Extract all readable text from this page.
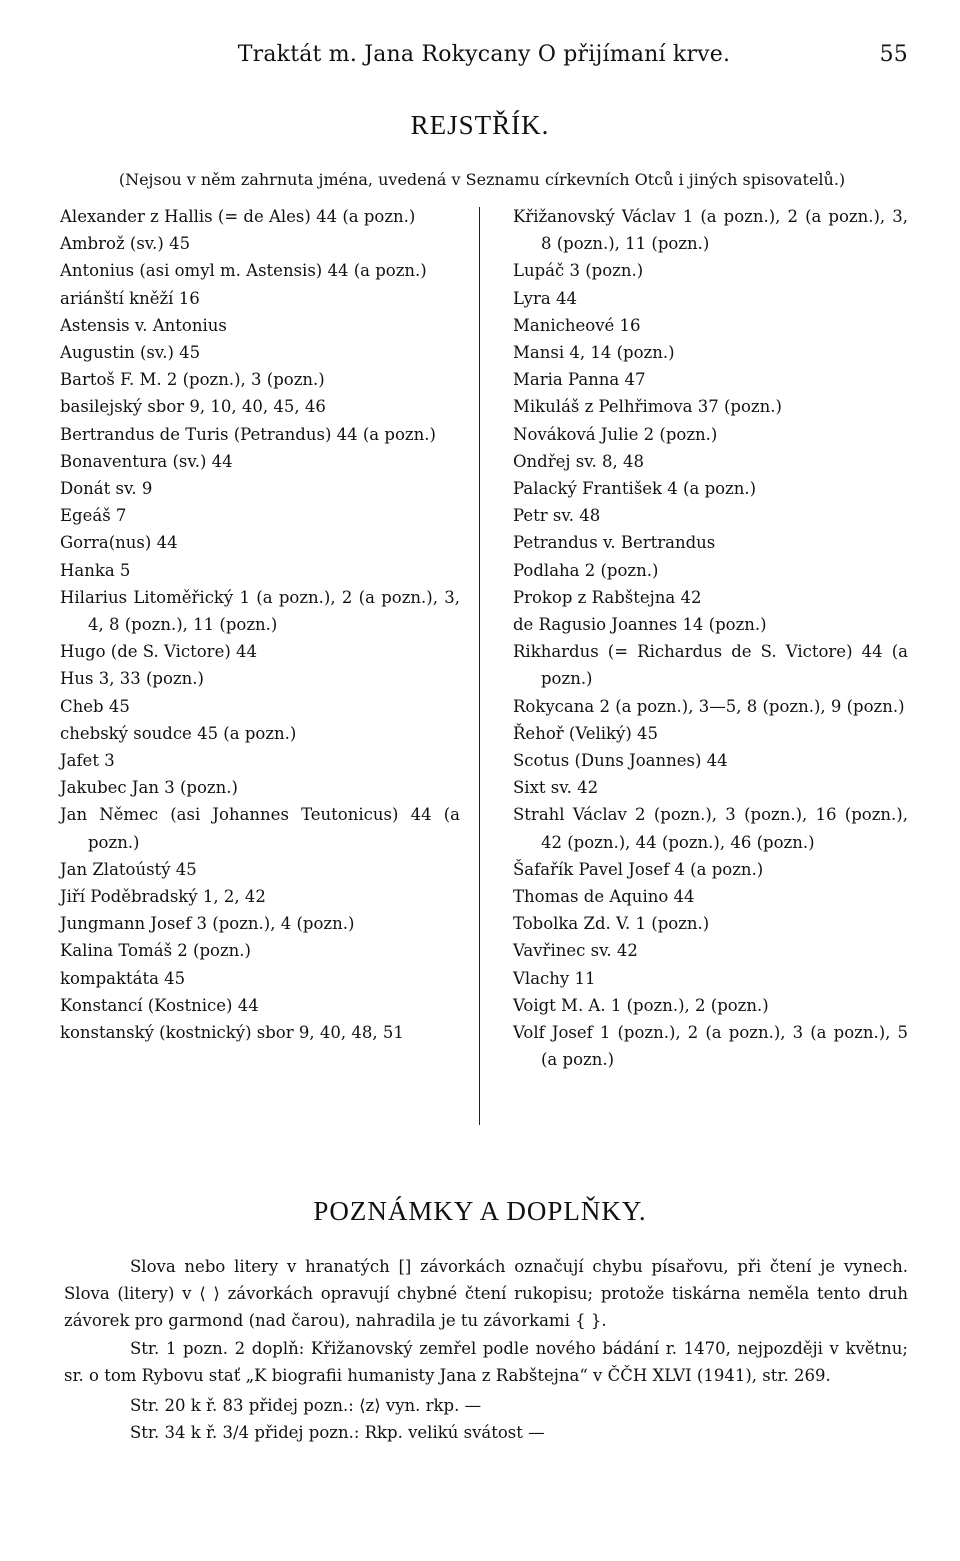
Traktát m. Jana Rokycany O přijímaní krve.	55
REJSTŘÍK.
(Nejsou v něm zahrnuta jména, uvedená v Seznamu církevních Otců i jiných spisovatelů.)
Alexander z Hallis (= de Ales) 44 (a pozn.)
Ambrož (sv.) 45
Antonius (asi omyl m. Astensis) 44 (a pozn.)
ariánští kněží 16
Astensis v. Antonius
Augustin (sv.) 45
Bartoš F. M. 2 (pozn.), 3 (pozn.)
basilejský sbor 9, 10, 40, 45, 46
Bertrandus de Turis (Petrandus) 44 (a pozn.)
Bonaventura (sv.) 44
Donát sv. 9
Egeáš 7
Gorra(nus) 44
Hanka 5
Hilarius Litoměřický 1 (a pozn.), 2 (a pozn.), 3, 4, 8 (pozn.), 11 (pozn.)
Hugo (de S. Victore) 44
Hus 3, 33 (pozn.)
Cheb 45
chebský soudce 45 (a pozn.)
Jafet 3
Jakubec Jan 3 (pozn.)
Jan Němec (asi Johannes Teutonicus) 44 (a pozn.)
Jan Zlatoústý 45
Jiří Poděbradský 1, 2, 42
Jungmann Josef 3 (pozn.), 4 (pozn.)
Kalina Tomáš 2 (pozn.)
kompaktáta 45
Konstancí (Kostnice) 44
konstanský (kostnický) sbor 9, 40, 48, 51
Křižanovský Václav 1 (a pozn.), 2 (a pozn.), 3, 8 (pozn.), 11 (pozn.)
Lupáč 3 (pozn.)
Lyra 44
Manicheové 16
Mansi 4, 14 (pozn.)
Maria Panna 47
Mikuláš z Pelhřimova 37 (pozn.)
Nováková Julie 2 (pozn.)
Ondřej sv. 8, 48
Palacký František 4 (a pozn.)
Petr sv. 48
Petrandus v. Bertrandus
Podlaha 2 (pozn.)
Prokop z Rabštejna 42
de Ragusio Joannes 14 (pozn.)
Rikhardus (= Richardus de S. Victore) 44 (a pozn.)
Rokycana 2 (a pozn.), 3—5, 8 (pozn.), 9 (pozn.)
Řehoř (Veliký) 45
Scotus (Duns Joannes) 44
Sixt sv. 42
Strahl Václav 2 (pozn.), 3 (pozn.), 16 (pozn.), 42 (pozn.), 44 (pozn.), 46 (pozn.)
Šafařík Pavel Josef 4 (a pozn.)
Thomas de Aquino 44
Tobolka Zd. V. 1 (pozn.)
Vavřinec sv. 42
Vlachy 11
Voigt M. A. 1 (pozn.), 2 (pozn.)
Volf Josef 1 (pozn.), 2 (a pozn.), 3 (a pozn.), 5 (a pozn.)
POZNÁMKY A DOPLŇKY.

Slova nebo litery v hranatých [] závorkách označují chybu písařovu, při čtení je vynech. Slova (litery) v ⟨ ⟩ závorkách opravují chybné čtení rukopisu; protože tiskárna neměla tento druh závorek pro garmond (nad čarou), nahradila je tu závorkami { }.

Str. 1 pozn. 2 doplň: Křižanovský zemřel podle nového bádání r. 1470, nejpozději v květnu; sr. o tom Rybovu stať „K biografii humanisty Jana z Rabštejna“ v ČČH XLVI (1941), str. 269.

Str. 20 k ř. 83 přidej pozn.: ⟨z⟩ vyn. rkp. —

Str. 34 k ř. 3/4 přidej pozn.: Rkp. velikú svátost —
